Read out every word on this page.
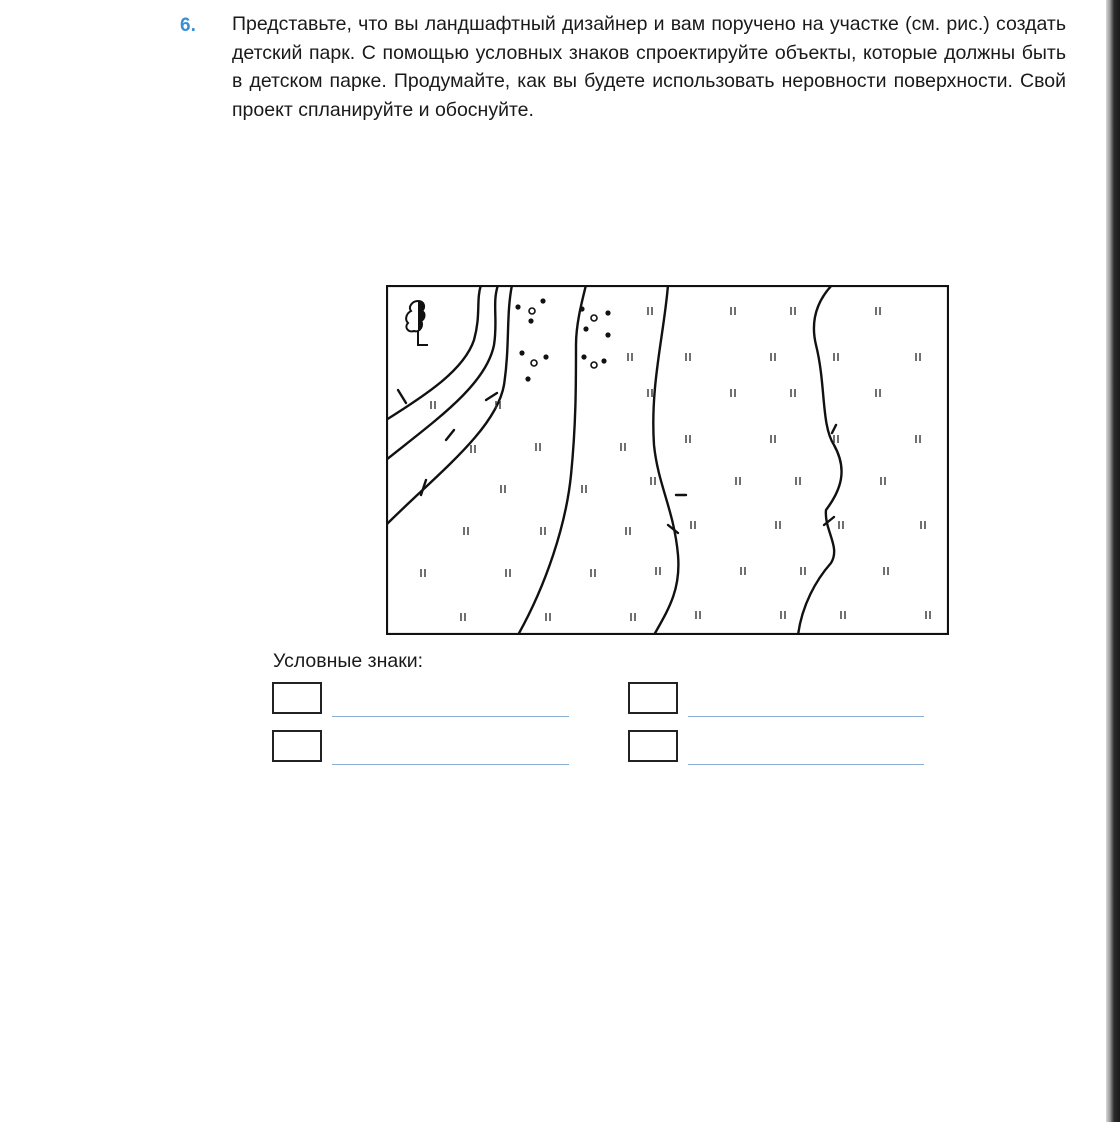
6. Представьте, что вы ландшафтный дизайнер и вам поручено на участке (см. рис.) создать детский парк. С помощью условных знаков спроектируйте объекты, которые должны быть в детском парке. Продумайте, как вы будете использовать неровности поверхности. Свой проект спланируйте и обоснуйте.
Условные знаки:
